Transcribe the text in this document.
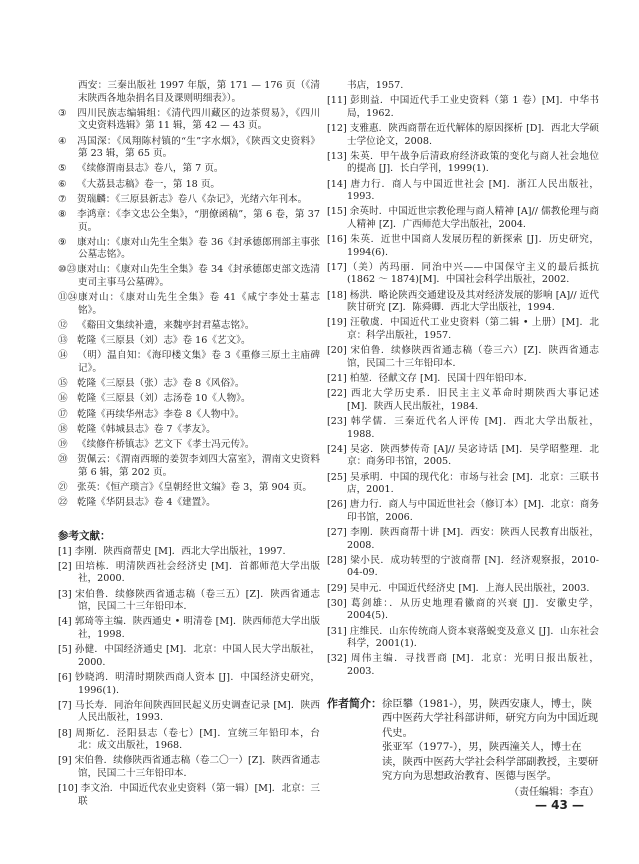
西安：三秦出版社 1997 年版，第 171 — 176 页（《清末陕西各地杂捐名目及课则明细表》）。
③ 四川民族志编辑组：《清代四川藏区的边茶贸易》，《四川文史资料选辑》第 11 辑，第 42 — 43 页。
④ 冯国深：《凤翔陈村镇的“生”字水烟》，《陕西文史资料》第 23 辑，第 65 页。
⑤ 《续修渭南县志》卷八，第 7 页。
⑥ 《大荔县志稿》卷一，第 18 页。
⑦ 贺瑞麟：《三原县新志》卷八《杂记》，光绪六年刊本。
⑧ 李鸿章：《李文忠公全集》，“朋僚函稿”，第 6 卷，第 37 页。
⑨ 康对山：《康对山先生全集》卷 36《封承德郎刑部主事张公墓志铭》。
⑩㉓康对山：《康对山先生全集》卷 34《封承德郎吏部文选清吏司主事马公墓碑》。
⑪㉔康对山：《康对山先生全集》卷 41《咸宁李处士墓志铭》。
⑫ 《谿田文集续补遗，来魏亭封君墓志铭》。
⑬ 乾隆《三原县（刘）志》卷 16《艺文》。
⑭ （明）温自知：《海印楼文集》卷 3《重修三原土主庙碑记》。
⑮ 乾隆《三原县（张）志》卷 8《风俗》。
⑯ 乾隆《三原县（刘）志汤卷 10《人物》。
⑰ 乾隆《再续华州志》李卷 8《人物中》。
⑱ 乾隆《韩城县志》卷 7《孝友》。
⑲ 《续修仵桥镇志》艺文下《孝士冯元传》。
⑳ 贺佩云：《渭南西塬的姜贺李刘四大富室》，渭南文史资料第 6 辑，第 202 页。
㉑ 张英：《恒产琐言》《皇朝经世文编》卷 3，第 904 页。
㉒ 乾隆《华阴县志》卷 4《建置》。
参考文献：
[1] 李刚．陕西商帮史 [M]．西北大学出版社，1997.
[2] 田培栋．明清陕西社会经济史 [M]．首都师范大学出版社，2000.
[3] 宋伯鲁．续修陕西省通志稿（卷三五）[Z]．陕西省通志馆，民国二十三年铅印本．
[4] 郭琦等主编．陕西通史 • 明清卷 [M]．陕西师范大学出版社，1998.
[5] 孙健．中国经济通史 [M]．北京：中国人民大学出版社，2000.
[6] 钞晓鸿．明清时期陕西商人资本 [J]．中国经济史研究，1996(1).
[7] 马长寿．同治年间陕西回民起义历史调查记录 [M]．陕西人民出版社，1993.
[8] 周斯亿．泾阳县志（卷七）[M]．宣统三年铅印本，台北：成文出版社，1968.
[9] 宋伯鲁．续修陕西省通志稿（卷二〇一）[Z]．陕西省通志馆，民国二十三年铅印本．
[10] 李文治．中国近代农业史资料（第一辑）[M]．北京：三联
书店，1957.
[11] 彭則益．中国近代手工业史资料（第 1 卷）[M]．中华书局，1962.
[12] 支雅惠．陕西商帮在近代解体的原因探析 [D]．西北大学硕士学位论文，2008.
[13] 朱英．甲午战争后清政府经济政策的变化与商人社会地位的提高 [J]．长白学刊，1999(1).
[14] 唐力行．商人与中国近世社会 [M]．浙江人民出版社，1993.
[15] 余英时．中国近世宗教伦理与商人精神 [A]// 儒教伦理与商人精神 [Z]．广西师范大学出版社，2004.
[16] 朱英．近世中国商人发展历程的新探索 [J]．历史研究，1994(6).
[17]（美）芮玛丽．同治中兴——中国保守主义的最后抵抗(1862 ～ 1874)[M]．中国社会科学出版社，2002.
[18] 杨洪．略论陕西交通建设及其对经济发展的影响 [A]// 近代陕甘研究 [Z]．陈舜卿．西北大学出版社，1994.
[19] 汪敬虞．中国近代工业史资料（第二辑 • 上册）[M]．北京：科学出版社，1957.
[20] 宋伯鲁．续修陕西省通志稿（卷三六）[Z]．陕西省通志馆，民国二十三年铅印本．
[21] 柏堃．径献文存 [M]．民国十四年铅印本．
[22] 西北大学历史系．旧民主主义革命时期陕西大事记述 [M]．陕西人民出版社，1984.
[23] 韩学儒．三秦近代名人评传 [M]．西北大学出版社，1988.
[24] 吴宓．陕西梦传奇 [A]// 吴宓诗话 [M]．吴学昭整理．北京：商务印书馆，2005.
[25] 吴承明．中国的现代化：市场与社会 [M]．北京：三联书店，2001.
[26] 唐力行．商人与中国近世社会（修订本）[M]．北京：商务印书馆，2006.
[27] 李刚．陕西商帮十讲 [M]．西安：陕西人民教育出版社，2008.
[28] 梁小民．成功转型的宁波商帮 [N]．经济观察报，2010-04-09.
[29] 吴申元．中国近代经济史 [M]．上海人民出版社，2003.
[30] 葛剑雄：．从历史地理看徽商的兴衰 [J]．安徽史学，2004(5).
[31] 庄维民．山东传统商人资本衰落蜕变及意义 [J]．山东社会科学，2001(1).
[32] 周伟主编．寻找晋商 [M]．北京：光明日报出版社，2003.
作者简介： 徐臣攀（1981-），男，陕西安康人，博士，陕西中医药大学社科部讲师，研究方向为中国近现代史。

张亚军（1977-），男，陕西潼关人，博士在读，陕西中医药大学社会科学部副教授，主要研究方向为思想政治教育、医德与医学。

（责任编辑：李直）
— 43 —
